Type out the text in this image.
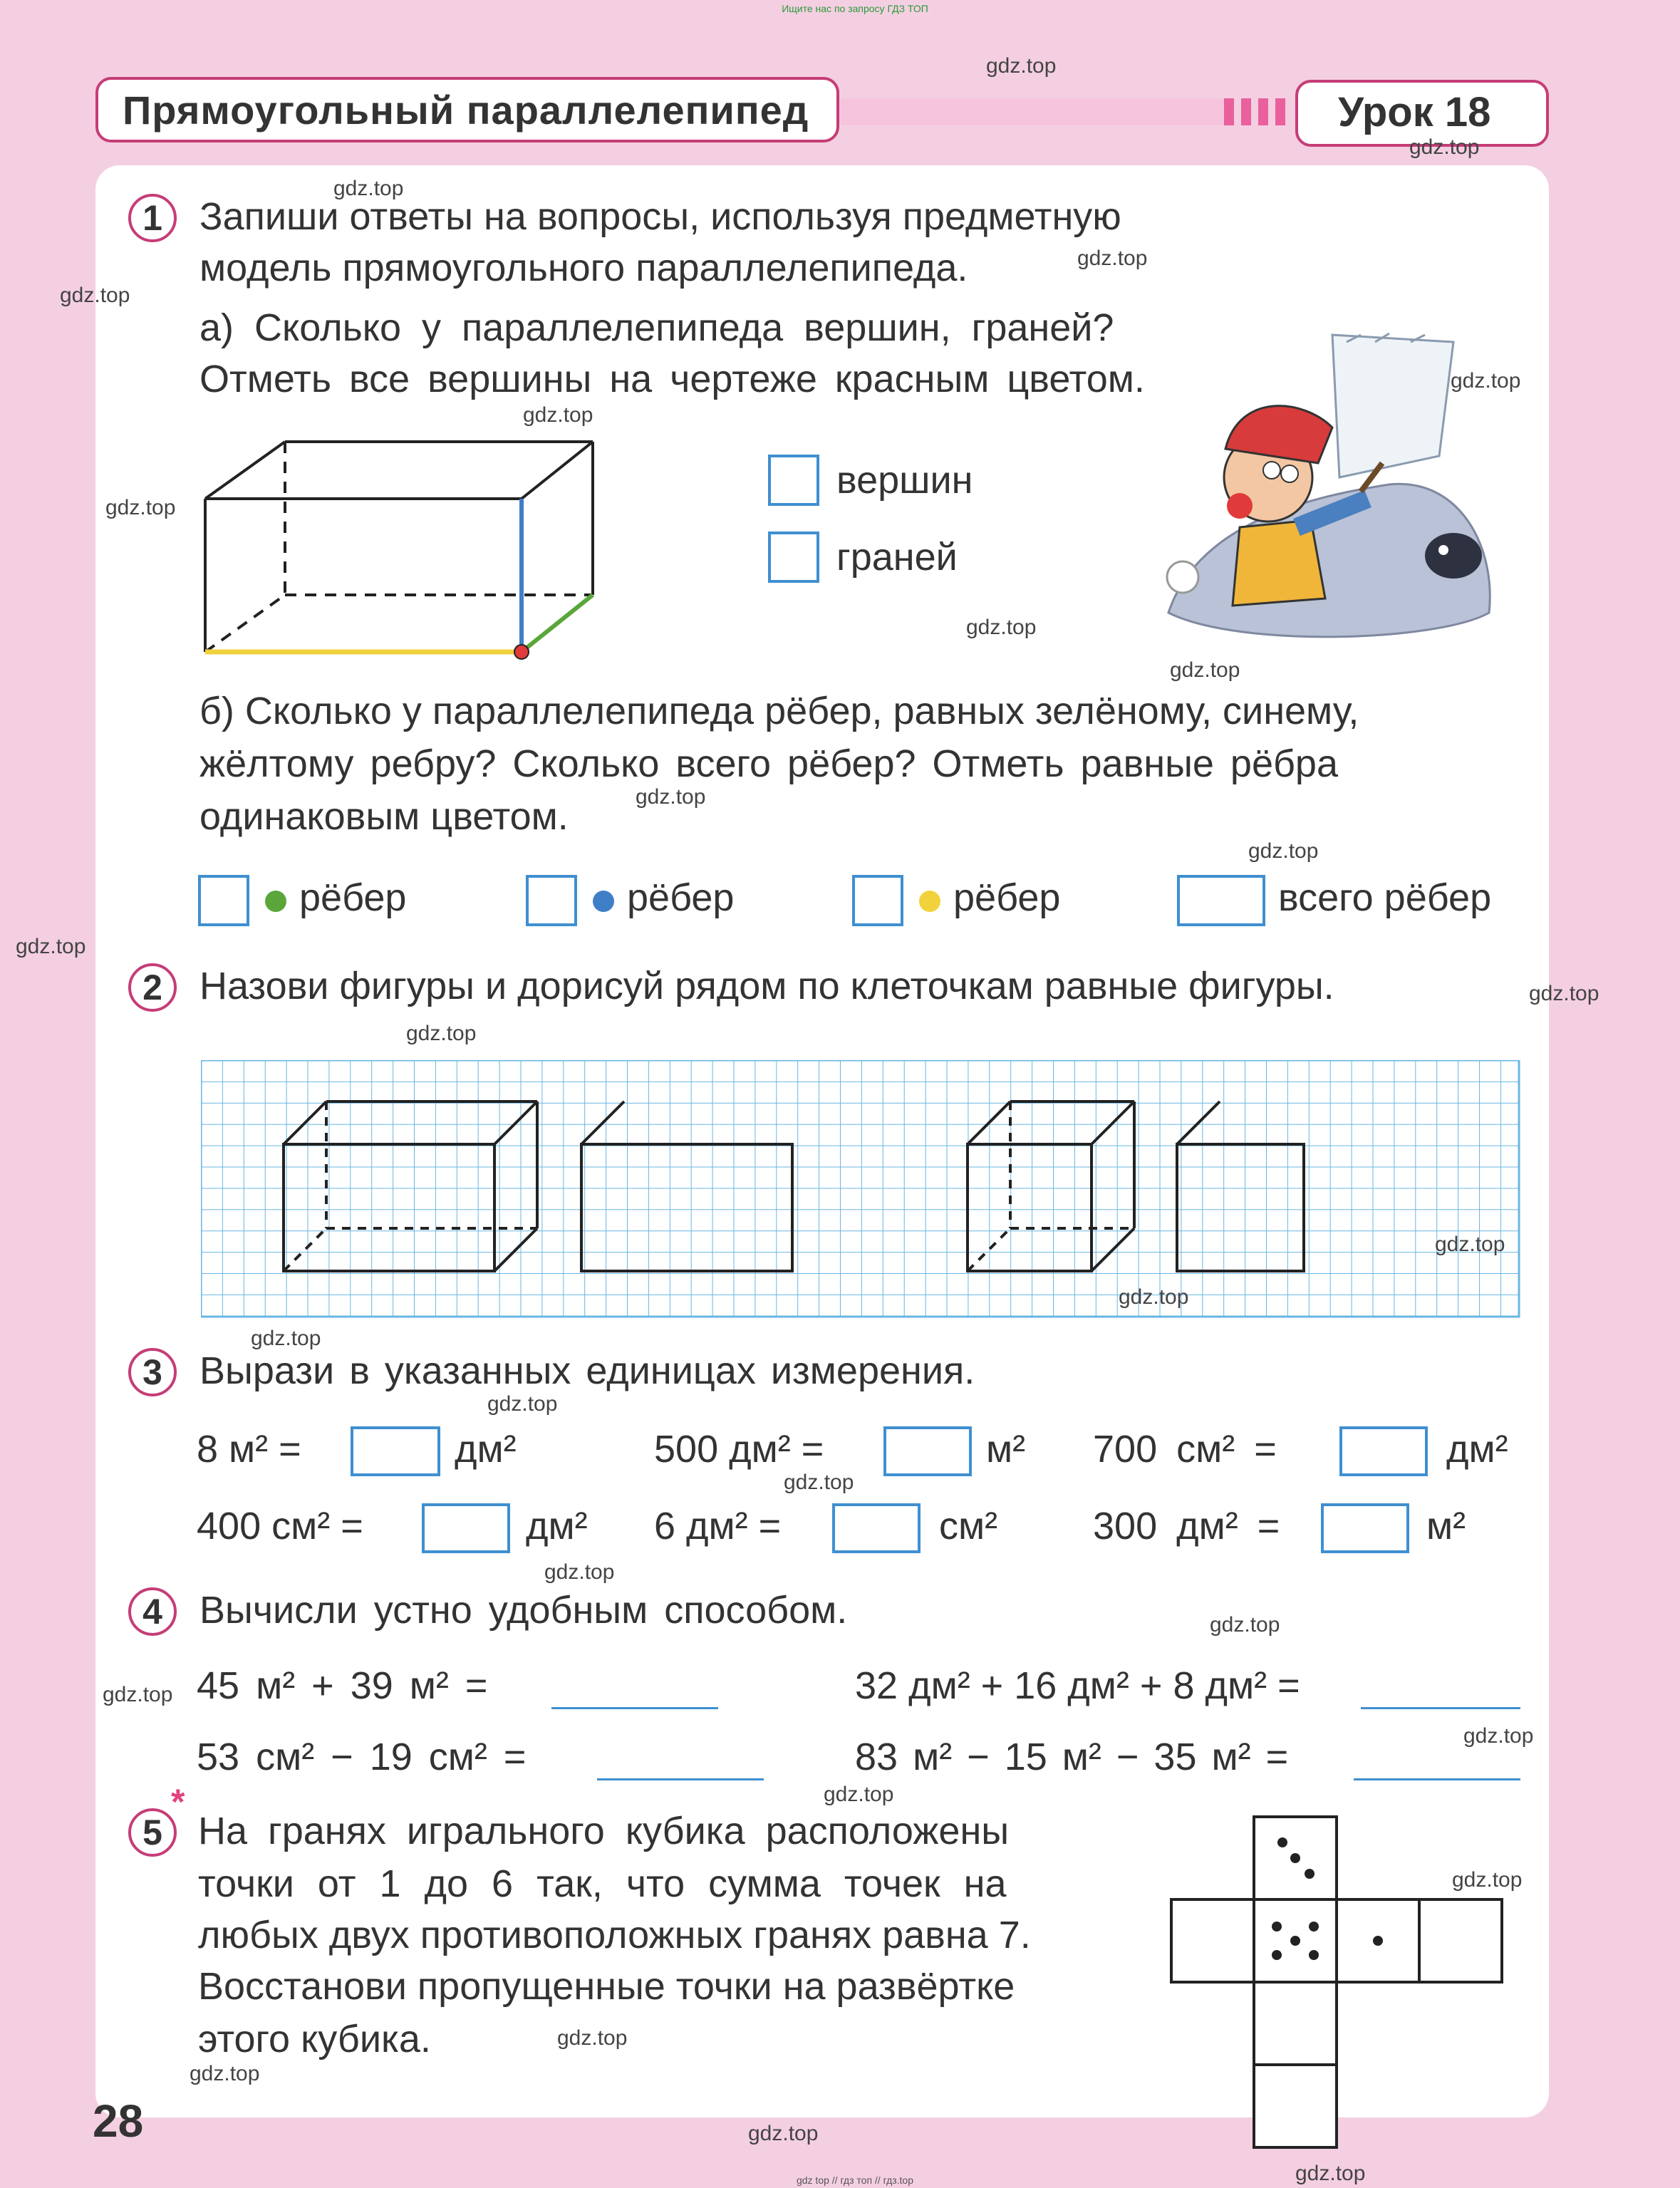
Ищите нас по запросу ГДЗ ТОП
Прямоугольный параллелепипед	Урок 18
1 Запиши ответы на вопросы, используя предметную
модель прямоугольного параллелепипеда.
а) Сколько у параллелепипеда вершин, граней?
Отметь все вершины на чертеже красным цветом.
вершин
граней
б) Сколько у параллелепипеда рёбер, равных зелёному, синему,
жёлтому ребру? Сколько всего рёбер? Отметь равные рёбра
одинаковым цветом.
рёбер	рёбер	рёбер	всего рёбер
2 Назови фигуры и дорисуй рядом по клеточкам равные фигуры.
3 Вырази в указанных единицах измерения.
8 м² =	дм²	500 дм² =	м² 700 см² =	дм²
400 см² =	дм² 6 дм² =	см² 300 дм² =	м²
4 Вычисли устно удобным способом.
45 м² + 39 м² =	32 дм² + 16 дм² + 8 дм² =
53 см² − 19 см² =	83 м² − 15 м² − 35 м² =
*
5 На гранях игрального кубика расположены
точки от 1 до 6 так, что сумма точек на
любых двух противоположных гранях равна 7.
Восстанови пропущенные точки на развёртке
этого кубика.
28
gdz.top
gdz.top
gdz.top
gdz.top
gdz.top
gdz.top
gdz.top
gdz.top
gdz.top
gdz.top
gdz.top
gdz.top
gdz.top
gdz.top
gdz.top
gdz.top
gdz.top
gdz.top
gdz.top
gdz.top
gdz.top
gdz.top
gdz.top
gdz.top
gdz.top
gdz.top
gdz.top
gdz.top
gdz.top
gdz.top
gdz top // гдз топ // гдз.top
